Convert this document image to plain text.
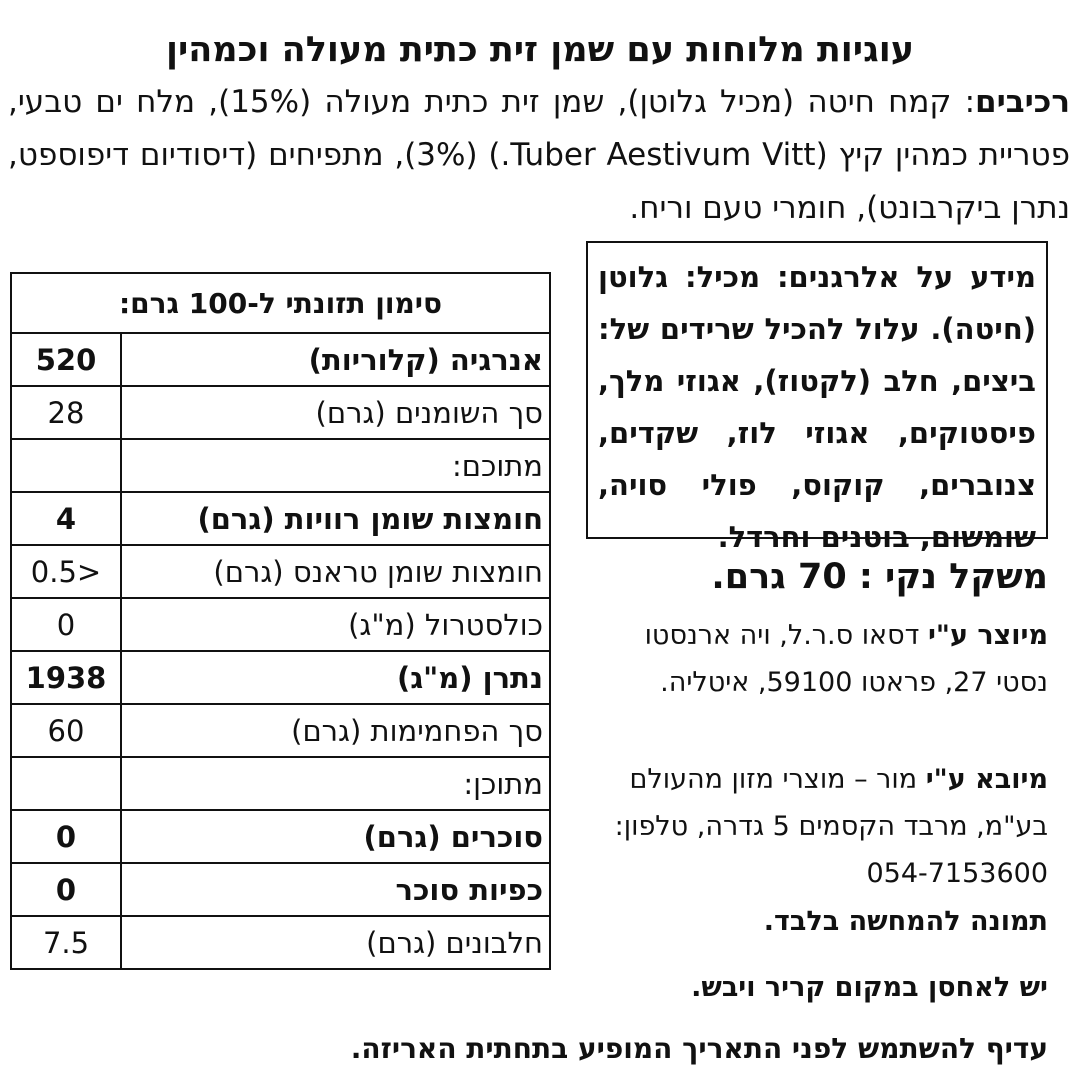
עוגיות מלוחות עם שמן זית כתית מעולה וכמהין

רכיבים: קמח חיטה (מכיל גלוטן), שמן זית כתית מעולה (15%), מלח ים טבעי, פטריית כמהין קיץ (Tuber Aestivum Vitt.) (3%), מתפיחים (דיסודיום דיפוספט, נתרן ביקרבונט), חומרי טעם וריח.

סימון תזונתי ל-100 גרם:	
אנרגיה (קלוריות)	520
סך השומנים (גרם)	28
מתוכם:	
חומצות שומן רוויות (גרם)	4
חומצות שומן טראנס (גרם)	0.5>
כולסטרול (מ"ג)	0
נתרן (מ"ג)	1938
סך הפחמימות (גרם)	60
מתוכן:	
סוכרים (גרם)	0
כפיות סוכר	0
חלבונים (גרם)	7.5
מידע על אלרגנים: מכיל: גלוטן (חיטה). עלול להכיל שרידים של: ביצים, חלב (לקטוז), אגוזי מלך, פיסטוקים, אגוזי לוז, שקדים, צנוברים, קוקוס, פולי סויה, שומשום, בוטנים וחרדל.

משקל נקי : 70 גרם.

מיוצר ע"י דסאו ס.ר.ל, ויה ארנסטו נסטי 27, פראטו 59100, איטליה.

מיובא ע"י מור – מוצרי מזון מהעולם בע"מ, מרבד הקסמים 5 גדרה, טלפון: 054-7153600

תמונה להמחשה בלבד.

יש לאחסן במקום קריר ויבש.

עדיף להשתמש לפני התאריך המופיע בתחתית האריזה.
